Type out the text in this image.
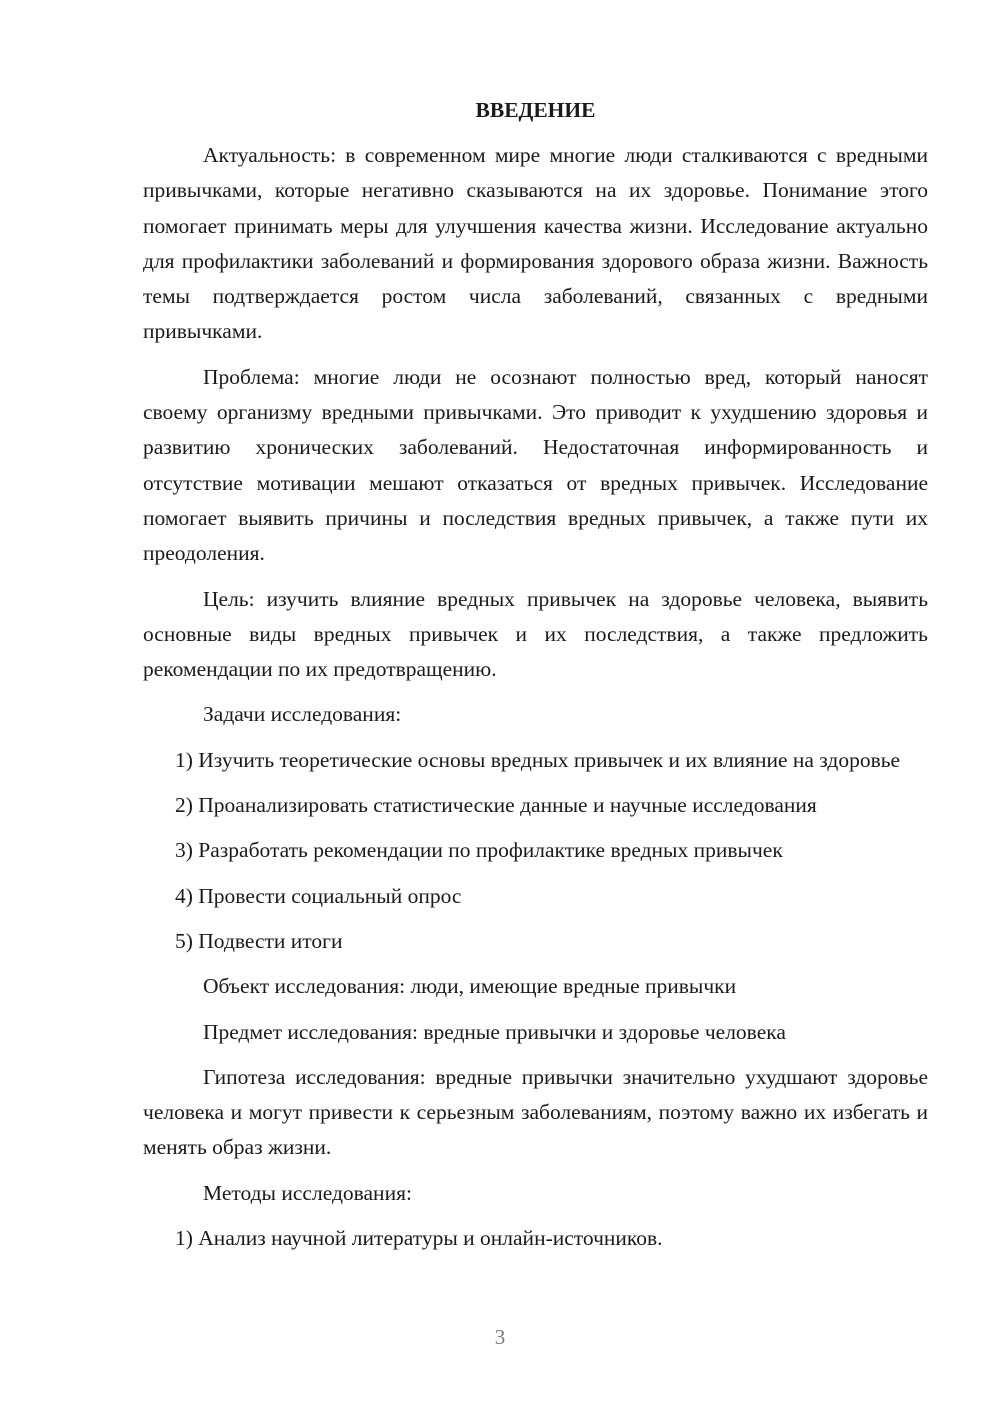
ВВЕДЕНИЕ

Актуальность: в современном мире многие люди сталкиваются с вредными привычками, которые негативно сказываются на их здоровье. Понимание этого помогает принимать меры для улучшения качества жизни. Исследование актуально для профилактики заболеваний и формирования здорового образа жизни. Важность темы подтверждается ростом числа заболеваний, связанных с вредными привычками.

Проблема: многие люди не осознают полностью вред, который наносят своему организму вредными привычками. Это приводит к ухудшению здоровья и развитию хронических заболеваний. Недостаточная информированность и отсутствие мотивации мешают отказаться от вредных привычек. Исследование помогает выявить причины и последствия вредных привычек, а также пути их преодоления.

Цель: изучить влияние вредных привычек на здоровье человека, выявить основные виды вредных привычек и их последствия, а также предложить рекомендации по их предотвращению.

Задачи исследования:

1) Изучить теоретические основы вредных привычек и их влияние на здоровье

2) Проанализировать статистические данные и научные исследования

3) Разработать рекомендации по профилактике вредных привычек

4) Провести социальный опрос

5) Подвести итоги

Объект исследования: люди, имеющие вредные привычки

Предмет исследования: вредные привычки и здоровье человека

Гипотеза исследования: вредные привычки значительно ухудшают здоровье человека и могут привести к серьезным заболеваниям, поэтому важно их избегать и менять образ жизни.

Методы исследования:

1) Анализ научной литературы и онлайн-источников.

3
